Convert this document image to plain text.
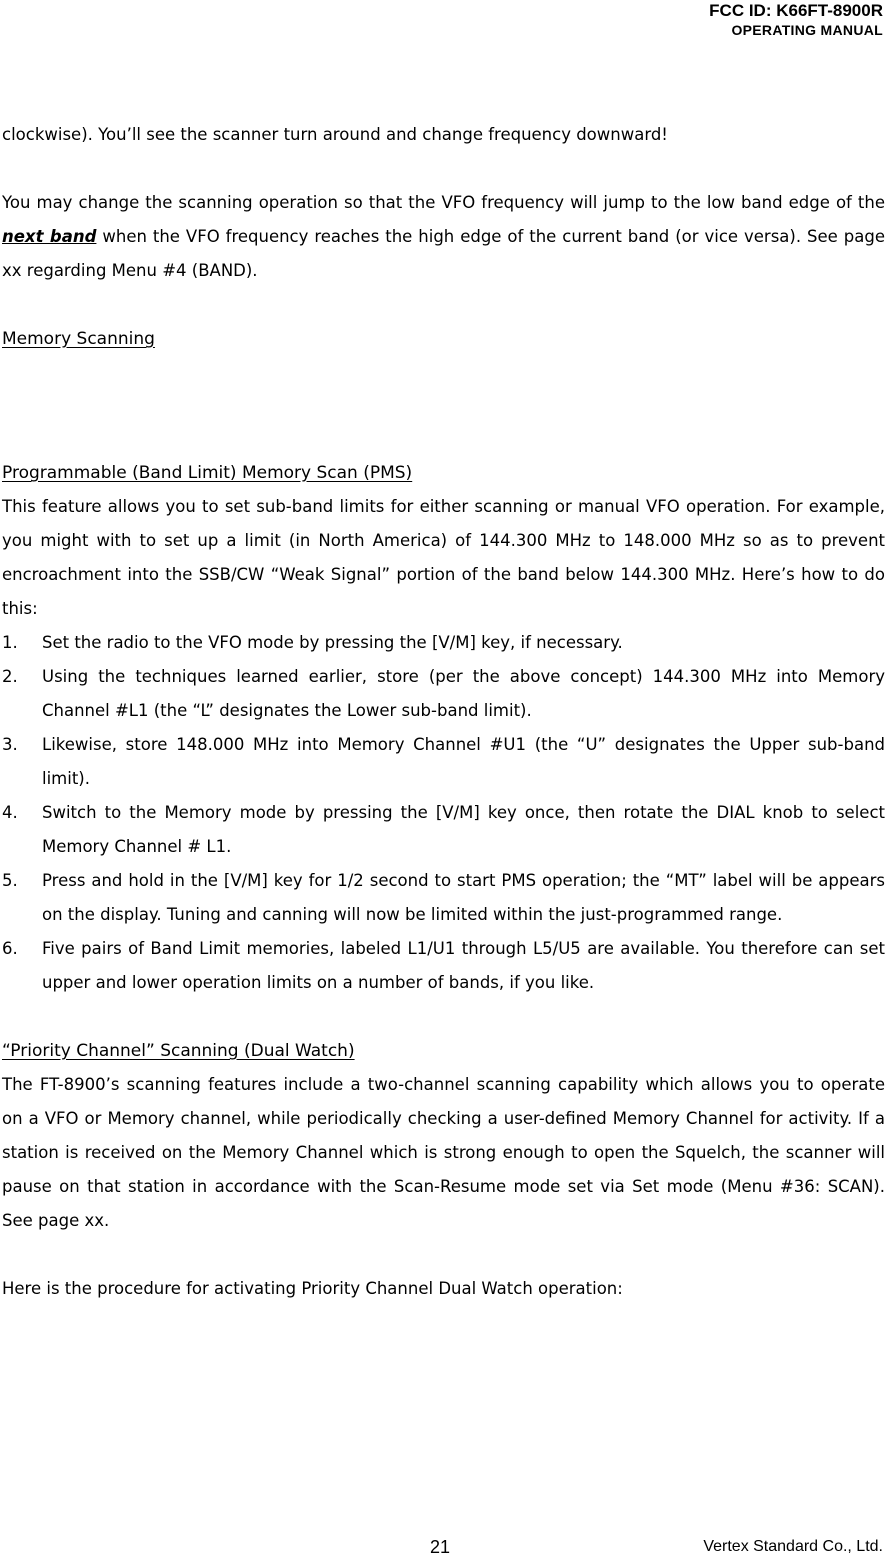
FCC ID: K66FT-8900R
OPERATING MANUAL

clockwise). You’ll see the scanner turn around and change frequency downward!

You may change the scanning operation so that the VFO frequency will jump to the low band edge of the next band when the VFO frequency reaches the high edge of the current band (or vice versa). See page xx regarding Menu #4 (BAND).

Memory Scanning
Programmable (Band Limit) Memory Scan (PMS)

This feature allows you to set sub-band limits for either scanning or manual VFO operation. For example, you might with to set up a limit (in North America) of 144.300 MHz to 148.000 MHz so as to prevent encroachment into the SSB/CW “Weak Signal” portion of the band below 144.300 MHz. Here’s how to do this:

1. Set the radio to the VFO mode by pressing the [V/M] key, if necessary.
2. Using the techniques learned earlier, store (per the above concept) 144.300 MHz into Memory Channel #L1 (the “L” designates the Lower sub-band limit).
3. Likewise, store 148.000 MHz into Memory Channel #U1 (the “U” designates the Upper sub-band limit).
4. Switch to the Memory mode by pressing the [V/M] key once, then rotate the DIAL knob to select Memory Channel # L1.
5. Press and hold in the [V/M] key for 1/2 second to start PMS operation; the “MT” label will be appears on the display. Tuning and canning will now be limited within the just-programmed range.
6. Five pairs of Band Limit memories, labeled L1/U1 through L5/U5 are available. You therefore can set upper and lower operation limits on a number of bands, if you like.
“Priority Channel” Scanning (Dual Watch)

The FT-8900’s scanning features include a two-channel scanning capability which allows you to operate on a VFO or Memory channel, while periodically checking a user-defined Memory Channel for activity. If a station is received on the Memory Channel which is strong enough to open the Squelch, the scanner will pause on that station in accordance with the Scan-Resume mode set via Set mode (Menu #36: SCAN). See page xx.

Here is the procedure for activating Priority Channel Dual Watch operation:

21	Vertex Standard Co., Ltd.
